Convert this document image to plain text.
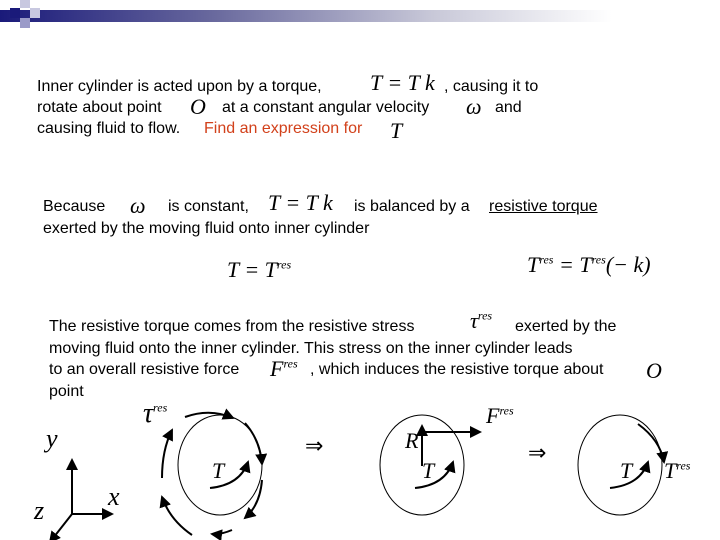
Inner cylinder is acted upon by a torque, T = T k , causing it to
rotate about point O at a constant angular velocity ω and
causing fluid to flow. Find an expression for T
Because ω is constant, T = T k is balanced by a resistive torque
exerted by the moving fluid onto inner cylinder
$T = T^{res}$	$T^{res} = T^{res}(- k)$
The resistive torque comes from the resistive stress	$\tau^{res}$
exerted by the
moving fluid onto the inner cylinder. This stress on the inner cylinder leads
to an overall resistive force $F^{res}$ , which induces the resistive torque about O
point
y
x
z
$\tau^{res}$
T
⇒	R
$F^{res}$
T
⇒
T $T^{res}$
